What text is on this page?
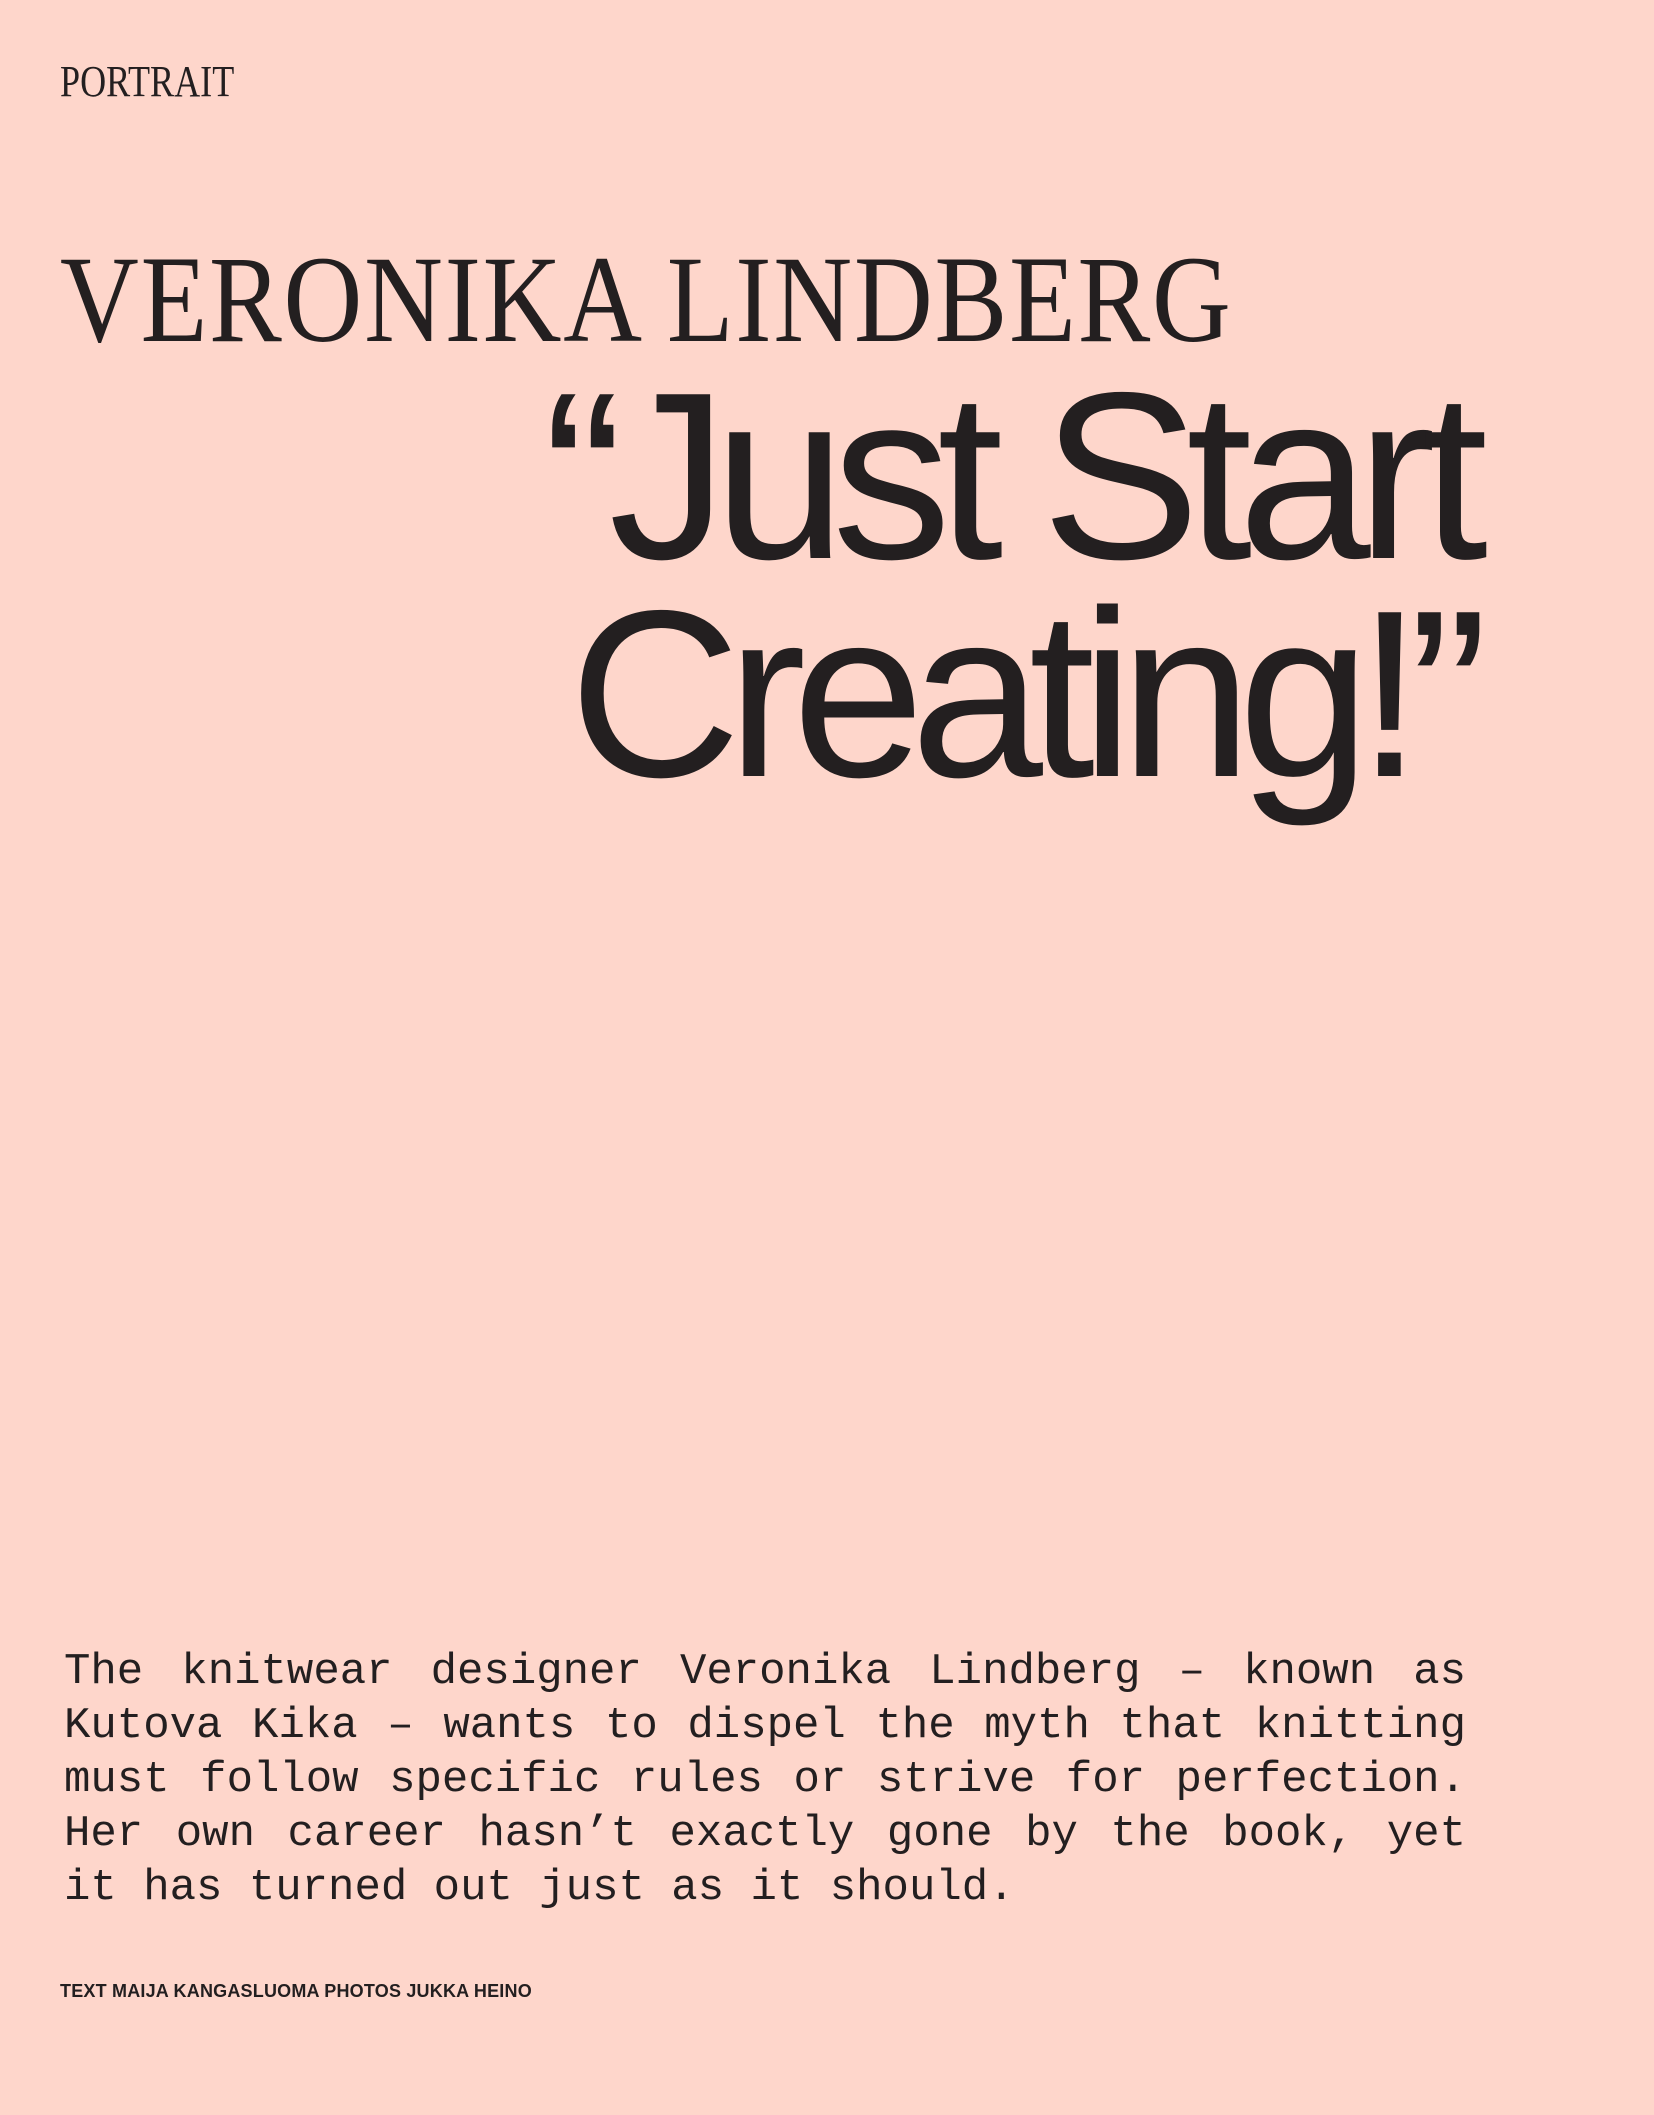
PORTRAIT
VERONIKA LINDBERG
“Just Start
Creating!”

The knitwear designer Veronika Lindberg – known as Kutova Kika – wants to dispel the myth that knitting must follow specific rules or strive for perfection. Her own career hasn’t exactly gone by the book, yet it has turned out just as it should.

TEXT MAIJA KANGASLUOMA PHOTOS JUKKA HEINO
